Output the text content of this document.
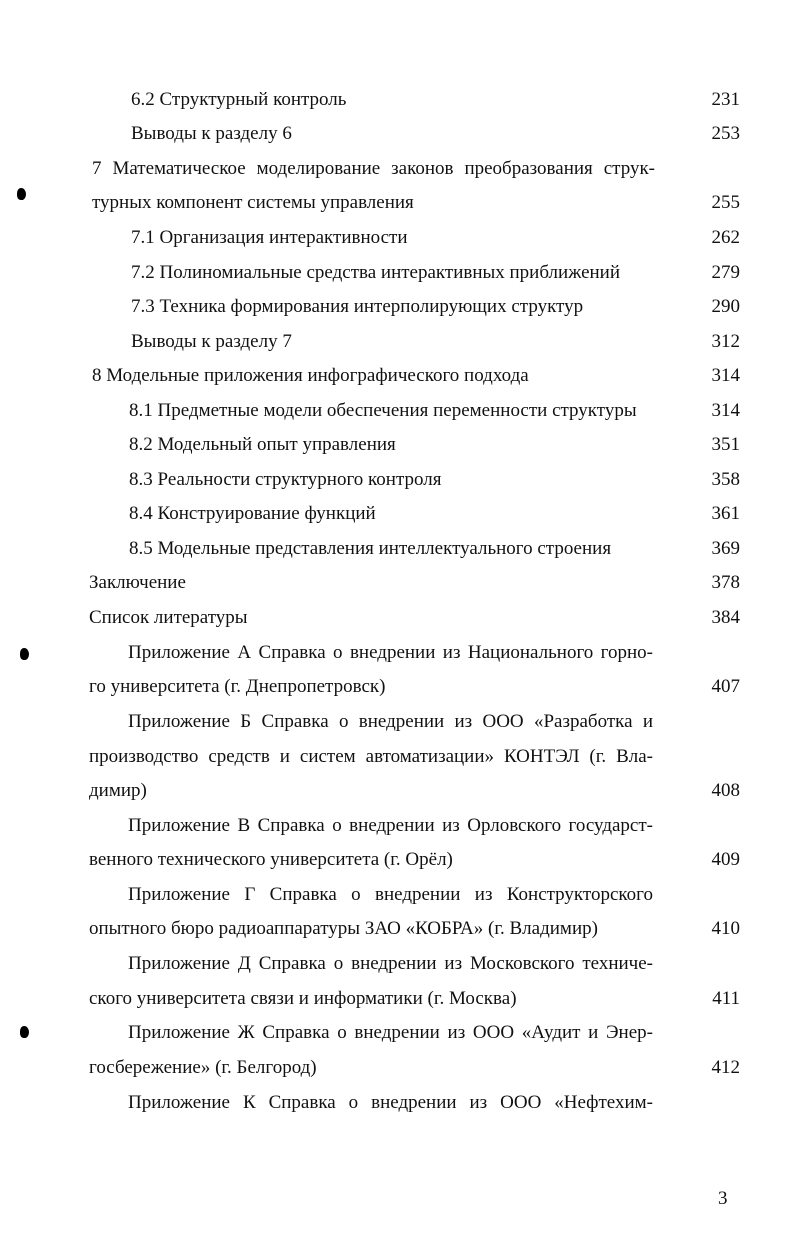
6.2 Структурный контроль	231
Выводы к разделу 6	253
7 Математическое моделирование законов преобразования струк-
турных компонент системы управления	255
7.1 Организация интерактивности	262
7.2 Полиномиальные средства интерактивных приближений	279
7.3 Техника формирования интерполирующих структур	290
Выводы к разделу 7	312
8 Модельные приложения инфографического подхода	314
8.1 Предметные модели обеспечения переменности структуры	314
8.2 Модельный опыт управления	351
8.3 Реальности структурного контроля	358
8.4 Конструирование функций	361
8.5 Модельные представления интеллектуального строения	369
Заключение	378
Список литературы	384
Приложение А Справка о внедрении из Национального горно-
го университета (г. Днепропетровск)	407
Приложение Б Справка о внедрении из ООО «Разработка и
производство средств и систем автоматизации» КОНТЭЛ (г. Вла-
димир)	408
Приложение В Справка о внедрении из Орловского государст-
венного технического университета (г. Орёл)	409
Приложение Г Справка о внедрении из Конструкторского
опытного бюро радиоаппаратуры ЗАО «КОБРА» (г. Владимир)	410
Приложение Д Справка о внедрении из Московского техниче-
ского университета связи и информатики (г. Москва)	411
Приложение Ж Справка о внедрении из ООО «Аудит и Энер-
госбережение» (г. Белгород)	412
Приложение К Справка о внедрении из ООО «Нефтехим-
3
